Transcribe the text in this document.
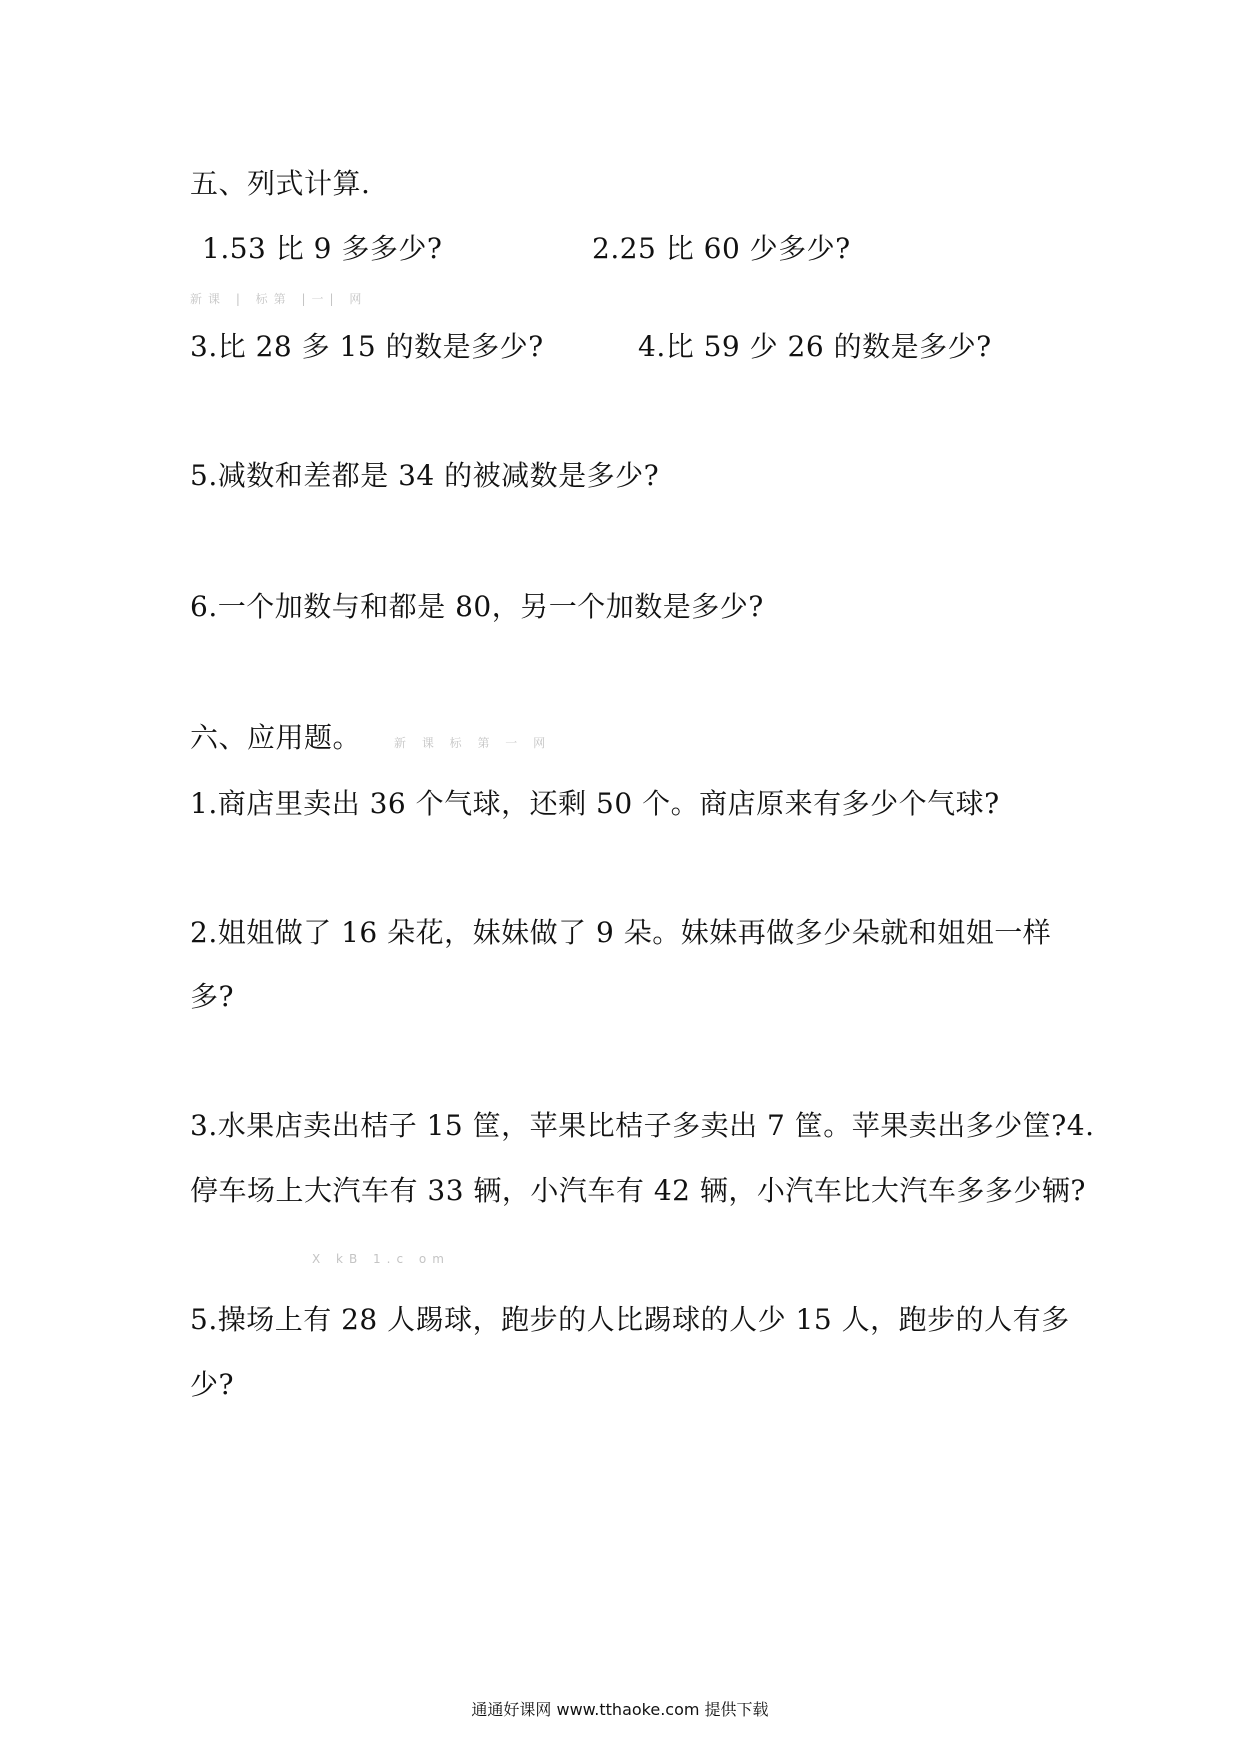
五、列式计算.
1.53 比 9 多多少?	2.25 比 60 少多少?
新课 | 标第 |一| 网
3.比 28 多 15 的数是多少?	4.比 59 少 26 的数是多少?
5.减数和差都是 34 的被减数是多少?
6.一个加数与和都是 80，另一个加数是多少?
六、应用题。	新 课 标 第 一 网
1.商店里卖出 36 个气球，还剩 50 个。商店原来有多少个气球?
2.姐姐做了 16 朵花，妹妹做了 9 朵。妹妹再做多少朵就和姐姐一样
多?
3.水果店卖出桔子 15 筐，苹果比桔子多卖出 7 筐。苹果卖出多少筐?4.
停车场上大汽车有 33 辆，小汽车有 42 辆，小汽车比大汽车多多少辆?
X kB 1.c om
5.操场上有 28 人踢球，跑步的人比踢球的人少 15 人，跑步的人有多
少?
通通好课网 www.tthaoke.com 提供下载
